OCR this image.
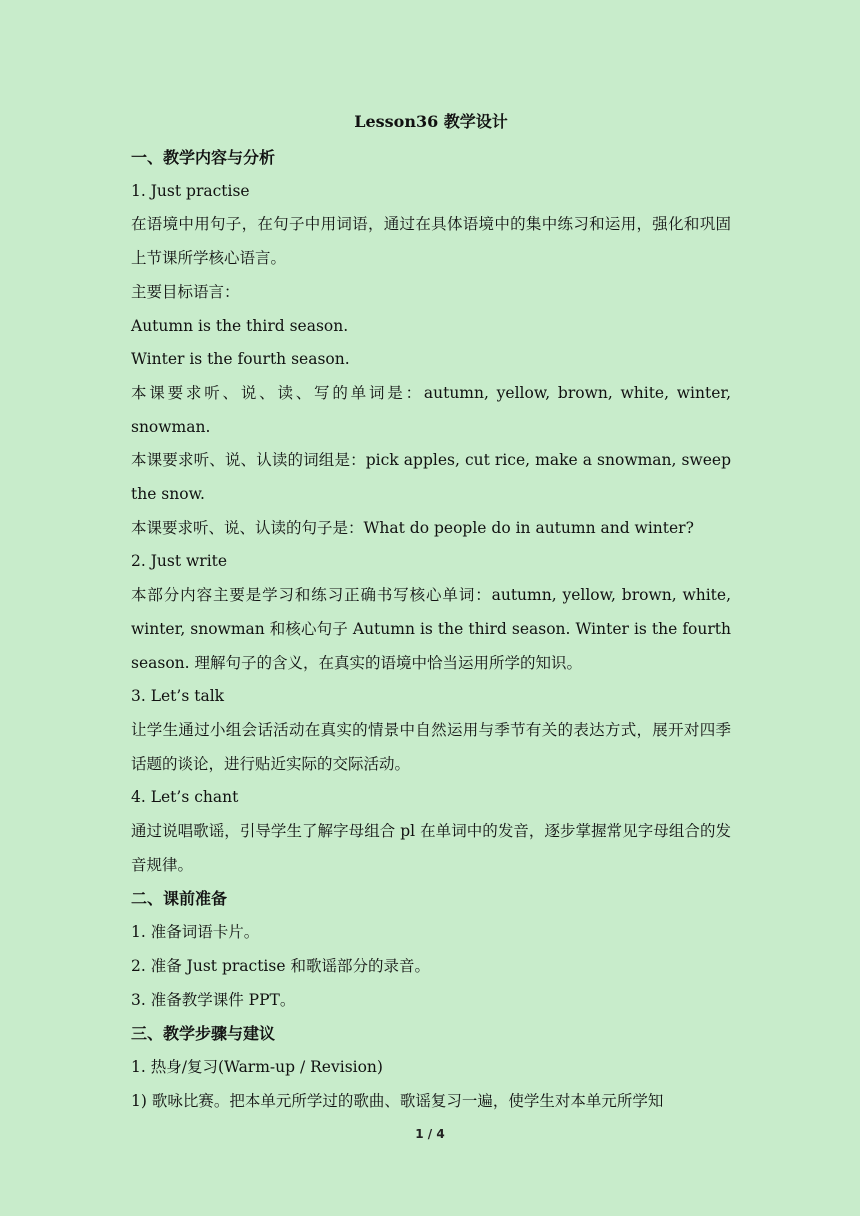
Lesson36 教学设计

一、教学内容与分析

1. Just practise

在语境中用句子，在句子中用词语，通过在具体语境中的集中练习和运用，强化和巩固上节课所学核心语言。

主要目标语言：

Autumn is the third season.

Winter is the fourth season.

本课要求听、说、读、写的单词是：autumn, yellow, brown, white, winter, snowman.

本课要求听、说、认读的词组是：pick apples, cut rice, make a snowman, sweep the snow.

本课要求听、说、认读的句子是：What do people do in autumn and winter?

2. Just write

本部分内容主要是学习和练习正确书写核心单词：autumn, yellow, brown, white, winter, snowman 和核心句子 Autumn is the third season. Winter is the fourth season. 理解句子的含义，在真实的语境中恰当运用所学的知识。

3. Let’s talk

让学生通过小组会话活动在真实的情景中自然运用与季节有关的表达方式，展开对四季话题的谈论，进行贴近实际的交际活动。

4. Let’s chant

通过说唱歌谣，引导学生了解字母组合 pl 在单词中的发音，逐步掌握常见字母组合的发音规律。

二、课前准备

1. 准备词语卡片。

2. 准备 Just practise 和歌谣部分的录音。

3. 准备教学课件 PPT。

三、教学步骤与建议

1. 热身/复习(Warm-up / Revision)

1) 歌咏比赛。把本单元所学过的歌曲、歌谣复习一遍，使学生对本单元所学知

1 / 4
